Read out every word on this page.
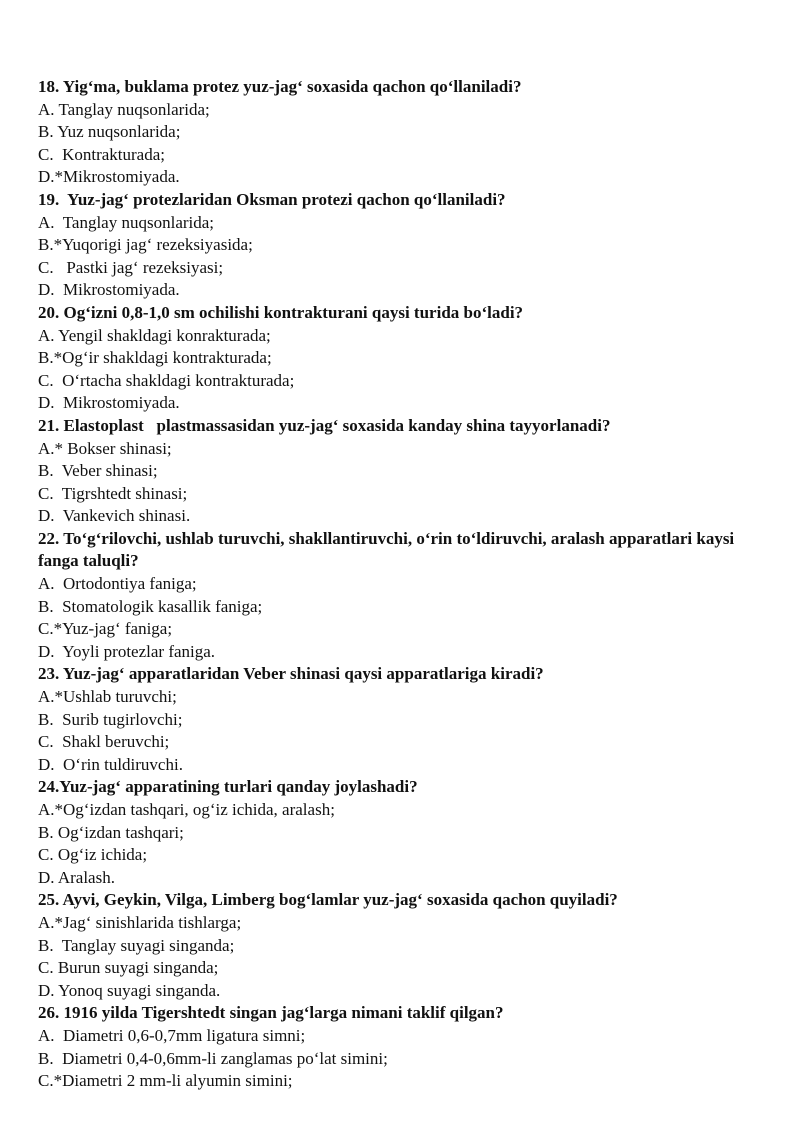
18. Yig‘ma, buklama protez yuz-jag‘ soxasida qachon qo‘llaniladi?

A. Tanglay nuqsonlarida;

B. Yuz nuqsonlarida;

C.  Kontrakturada;

D.*Mikrostomiyada.

19.  Yuz-jag‘ protezlaridan Oksman protezi qachon qo‘llaniladi?

A.  Tanglay nuqsonlarida;

B.*Yuqorigi jag‘ rezeksiyasida;

C.   Pastki jag‘ rezeksiyasi;

D.  Mikrostomiyada.

20. Og‘izni 0,8-1,0 sm ochilishi kontrakturani qaysi turida bo‘ladi?

A. Yengil shakldagi konrakturada;

B.*Og‘ir shakldagi kontrakturada;

C.  O‘rtacha shakldagi kontrakturada;

D.  Mikrostomiyada.

21. Elastoplast   plastmassasidan yuz-jag‘ soxasida kanday shina tayyorlanadi?

A.* Bokser shinasi;

B.  Veber shinasi;

C.  Tigrshtedt shinasi;

D.  Vankevich shinasi.

22. To‘g‘rilovchi, ushlab turuvchi, shakllantiruvchi, o‘rin to‘ldiruvchi, aralash apparatlari kaysi  fanga taluqli?

A.  Ortodontiya faniga;

B.  Stomatologik kasallik faniga;

C.*Yuz-jag‘ faniga;

D.  Yoyli protezlar faniga.

23. Yuz-jag‘ apparatlaridan Veber shinasi qaysi apparatlariga kiradi?

A.*Ushlab turuvchi;

B.  Surib tugirlovchi;

C.  Shakl beruvchi;

D.  O‘rin tuldiruvchi.

24.Yuz-jag‘ apparatining turlari qanday joylashadi?

A.*Og‘izdan tashqari, og‘iz ichida, aralash;

B. Og‘izdan tashqari;

C. Og‘iz ichida;

D. Aralash.

25. Ayvi, Geykin, Vilga, Limberg bog‘lamlar yuz-jag‘ soxasida qachon quyiladi?

A.*Jag‘ sinishlarida tishlarga;

B.  Tanglay suyagi singanda;

C. Burun suyagi singanda;

D. Yonoq suyagi singanda.

26. 1916 yilda Tigershtedt singan jag‘larga nimani taklif qilgan?

A.  Diametri 0,6-0,7mm ligatura simni;

B.  Diametri 0,4-0,6mm-li zanglamas po‘lat simini;

C.*Diametri 2 mm-li alyumin simini;
